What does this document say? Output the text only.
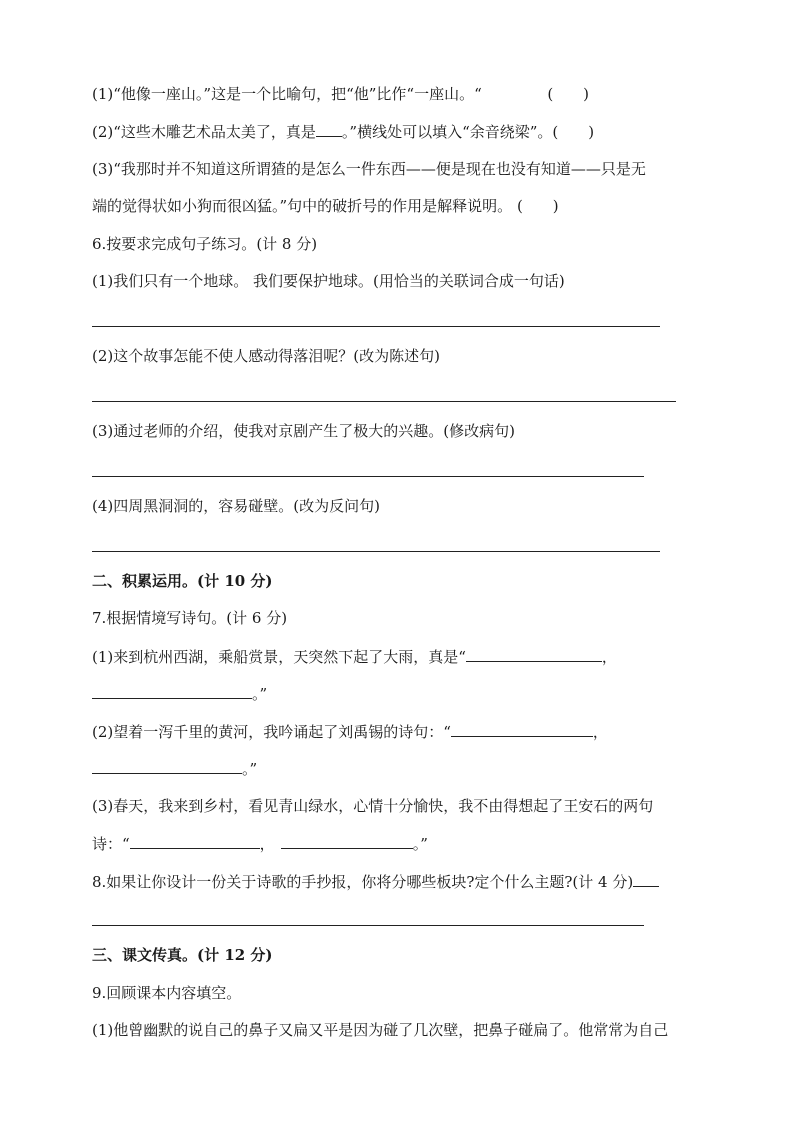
(1)“他像一座山。”这是一个比喻句，把“他”比作“一座山。“	(　　)
(2)“这些木雕艺术品太美了，真是 。”横线处可以填入“余音绕梁”。(　　)
(3)“我那时并不知道这所谓猹的是怎么一件东西——便是现在也没有知道——只是无
端的觉得状如小狗而很凶猛。”句中的破折号的作用是解释说明。 (　　)
6.按要求完成句子练习。(计 8 分)
(1)我们只有一个地球。 我们要保护地球。(用恰当的关联词合成一句话)
(2)这个故事怎能不使人感动得落泪呢？(改为陈述句)
(3)通过老师的介绍，使我对京剧产生了极大的兴趣。(修改病句)
(4)四周黑洞洞的，容易碰壁。(改为反问句)
二、积累运用。(计 10 分)
7.根据情境写诗句。(计 6 分)
(1)来到杭州西湖，乘船赏景，天突然下起了大雨，真是“	，
。”
(2)望着一泻千里的黄河，我吟诵起了刘禹锡的诗句：“	，
。”
(3)春天，我来到乡村，看见青山绿水，心情十分愉快，我不由得想起了王安石的两句
诗：“	，	。”
8.如果让你设计一份关于诗歌的手抄报，你将分哪些板块?定个什么主题?(计 4 分)
三、课文传真。(计 12 分)
9.回顾课本内容填空。
(1)他曾幽默的说自己的鼻子又扁又平是因为碰了几次壁，把鼻子碰扁了。他常常为自己
